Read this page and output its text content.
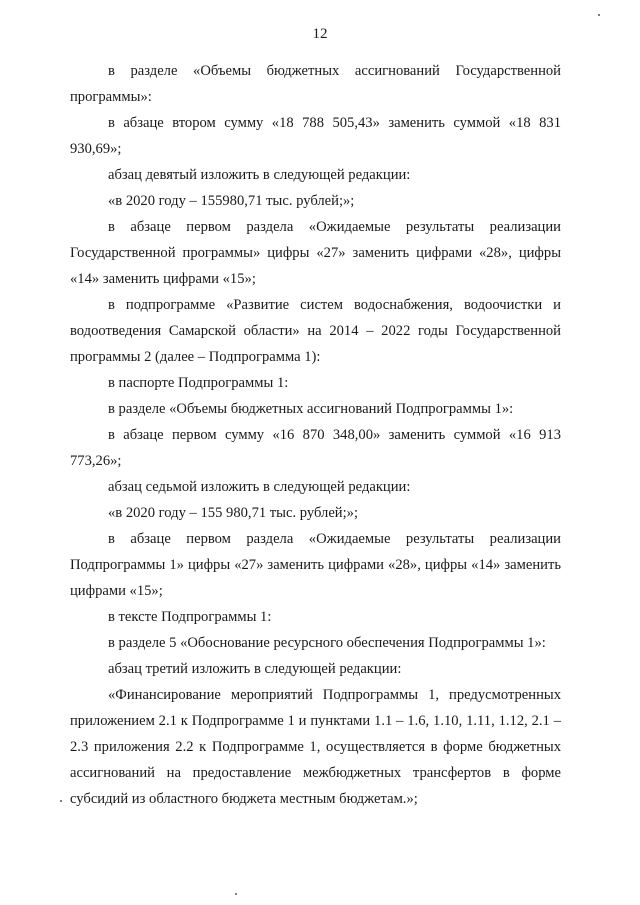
12

в разделе «Объемы бюджетных ассигнований Государственной программы»:

в абзаце втором сумму «18 788 505,43» заменить суммой «18 831 930,69»;

абзац девятый изложить в следующей редакции:

«в 2020 году – 155980,71 тыс. рублей;»;

в абзаце первом раздела «Ожидаемые результаты реализации Государственной программы» цифры «27» заменить цифрами «28», цифры «14» заменить цифрами «15»;

в подпрограмме «Развитие систем водоснабжения, водоочистки и водоотведения Самарской области» на 2014 – 2022 годы Государственной программы 2 (далее – Подпрограмма 1):

в паспорте Подпрограммы 1:

в разделе «Объемы бюджетных ассигнований Подпрограммы 1»:

в абзаце первом сумму «16 870 348,00» заменить суммой «16 913 773,26»;

абзац седьмой изложить в следующей редакции:

«в 2020 году – 155 980,71 тыс. рублей;»;

в абзаце первом раздела «Ожидаемые результаты реализации Подпрограммы 1» цифры «27» заменить цифрами «28», цифры «14» заменить цифрами «15»;

в тексте Подпрограммы 1:

в разделе 5 «Обоснование ресурсного обеспечения Подпрограммы 1»:

абзац третий изложить в следующей редакции:

«Финансирование мероприятий Подпрограммы 1, предусмотренных приложением 2.1 к Подпрограмме 1 и пунктами 1.1 – 1.6, 1.10, 1.11, 1.12, 2.1 – 2.3 приложения 2.2 к Подпрограмме 1, осуществляется в форме бюджетных ассигнований на предоставление межбюджетных трансфертов в форме субсидий из областного бюджета местным бюджетам.»;
